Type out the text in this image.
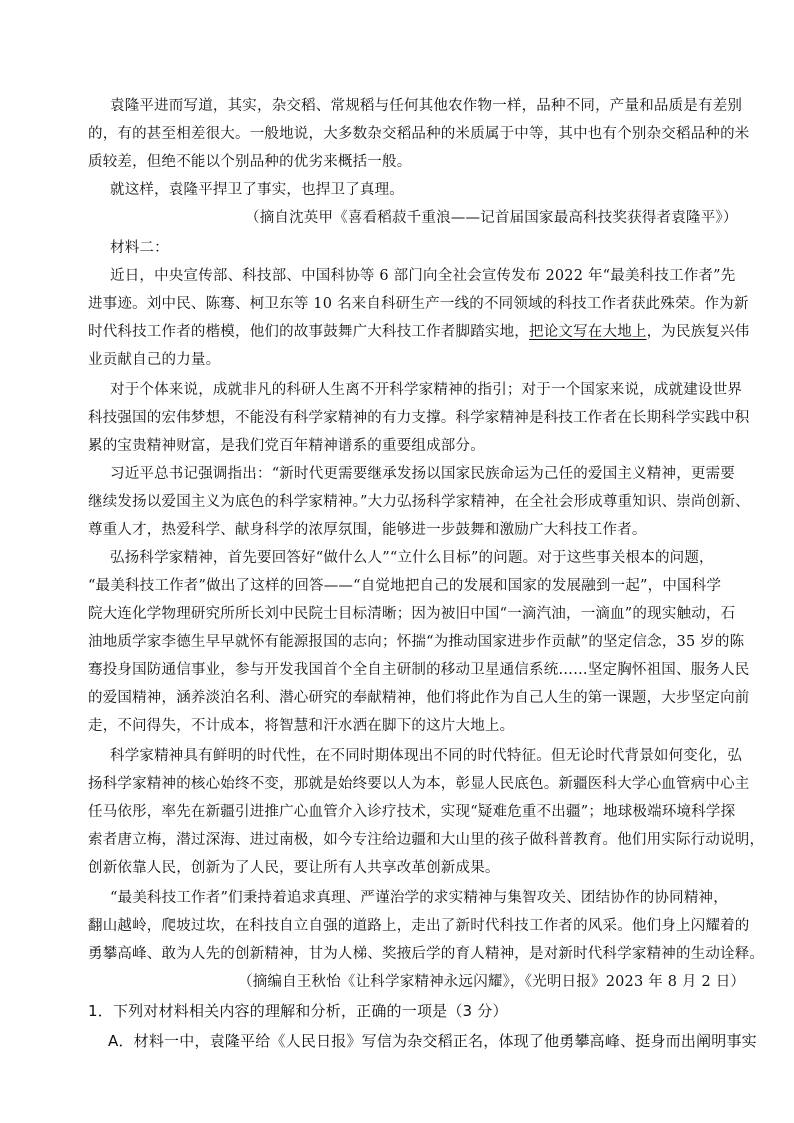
袁隆平进而写道，其实，杂交稻、常规稻与任何其他农作物一样，品种不同，产量和品质是有差别
的，有的甚至相差很大。一般地说，大多数杂交稻品种的米质属于中等，其中也有个别杂交稻品种的米
质较差，但绝不能以个别品种的优劣来概括一般。
就这样，袁隆平捍卫了事实，也捍卫了真理。
（摘自沈英甲《喜看稻菽千重浪——记首届国家最高科技奖获得者袁隆平》）
材料二：
近日，中央宣传部、科技部、中国科协等 6 部门向全社会宣传发布 2022 年“最美科技工作者”先
进事迹。刘中民、陈骞、柯卫东等 10 名来自科研生产一线的不同领域的科技工作者获此殊荣。作为新
时代科技工作者的楷模，他们的故事鼓舞广大科技工作者脚踏实地，把论文写在大地上，为民族复兴伟
业贡献自己的力量。
对于个体来说，成就非凡的科研人生离不开科学家精神的指引；对于一个国家来说，成就建设世界
科技强国的宏伟梦想，不能没有科学家精神的有力支撑。科学家精神是科技工作者在长期科学实践中积
累的宝贵精神财富，是我们党百年精神谱系的重要组成部分。
习近平总书记强调指出：“新时代更需要继承发扬以国家民族命运为己任的爱国主义精神，更需要
继续发扬以爱国主义为底色的科学家精神。”大力弘扬科学家精神，在全社会形成尊重知识、崇尚创新、
尊重人才，热爱科学、献身科学的浓厚氛围，能够进一步鼓舞和激励广大科技工作者。
弘扬科学家精神，首先要回答好“做什么人”“立什么目标”的问题。对于这些事关根本的问题，
“最美科技工作者”做出了这样的回答——“自觉地把自己的发展和国家的发展融到一起”，中国科学
院大连化学物理研究所所长刘中民院士目标清晰；因为被旧中国“一滴汽油，一滴血”的现实触动，石
油地质学家李德生早早就怀有能源报国的志向；怀揣“为推动国家进步作贡献”的坚定信念，35 岁的陈
骞投身国防通信事业，参与开发我国首个全自主研制的移动卫星通信系统……坚定胸怀祖国、服务人民
的爱国精神，涵养淡泊名利、潜心研究的奉献精神，他们将此作为自己人生的第一课题，大步坚定向前
走，不问得失，不计成本，将智慧和汗水洒在脚下的这片大地上。
科学家精神具有鲜明的时代性，在不同时期体现出不同的时代特征。但无论时代背景如何变化，弘
扬科学家精神的核心始终不变，那就是始终要以人为本，彰显人民底色。新疆医科大学心血管病中心主
任马依彤，率先在新疆引进推广心血管介入诊疗技术，实现“疑难危重不出疆”；地球极端环境科学探
索者唐立梅，潜过深海、进过南极，如今专注给边疆和大山里的孩子做科普教育。他们用实际行动说明，
创新依靠人民，创新为了人民，要让所有人共享改革创新成果。
“最美科技工作者”们秉持着追求真理、严谨治学的求实精神与集智攻关、团结协作的协同精神，
翻山越岭，爬坡过坎，在科技自立自强的道路上，走出了新时代科技工作者的风采。他们身上闪耀着的
勇攀高峰、敢为人先的创新精神，甘为人梯、奖掖后学的育人精神，是对新时代科学家精神的生动诠释。
（摘编自王秋怡《让科学家精神永远闪耀》，《光明日报》2023 年 8 月 2 日）
1．下列对材料相关内容的理解和分析，正确的一项是（3 分）
A．材料一中，袁隆平给《人民日报》写信为杂交稻正名，体现了他勇攀高峰、挺身而出阐明事实
